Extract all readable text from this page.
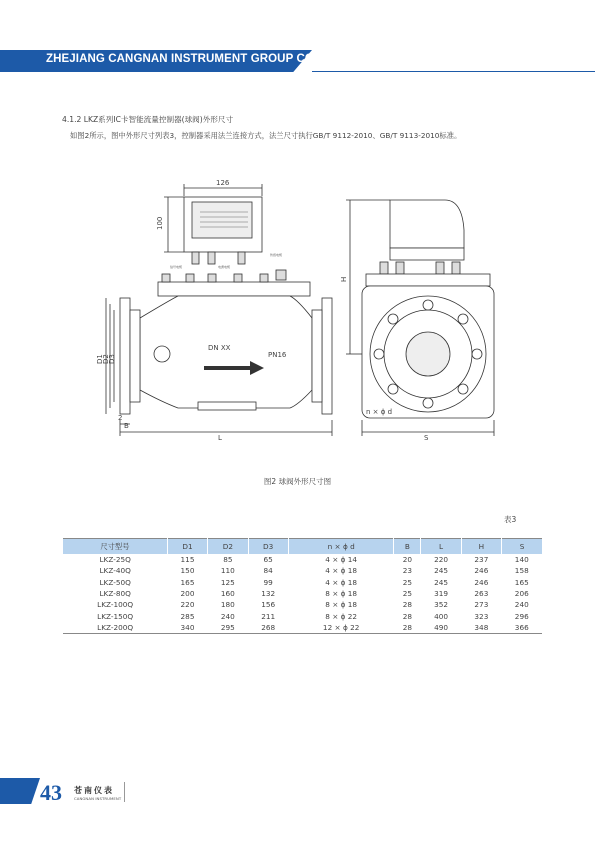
ZHEJIANG CANGNAN INSTRUMENT GROUP CO., LTD.
4.1.2 LKZ系列IC卡智能流量控制器(球阀)外形尺寸
如图2所示，图中外形尺寸列表3，控制器采用法兰连接方式，法兰尺寸执行GB/T 9112-2010、GB/T 9113-2010标准。
126
100
DN XX
PN16
D1
D2
D3
2
B
L
H
S
n × ϕ d
信号电缆	电源电缆
传感电缆
图2 球阀外形尺寸图
表3
尺寸型号	D1	D2	D3	n × ϕ d	B	L	H	S
LKZ-25Q	115	85	65	4 × ϕ 14	20	220	237	140
LKZ-40Q	150	110	84	4 × ϕ 18	23	245	246	158
LKZ-50Q	165	125	99	4 × ϕ 18	25	245	246	165
LKZ-80Q	200	160	132	8 × ϕ 18	25	319	263	206
LKZ-100Q	220	180	156	8 × ϕ 18	28	352	273	240
LKZ-150Q	285	240	211	8 × ϕ 22	28	400	323	296
LKZ-200Q	340	295	268	12 × ϕ 22	28	490	348	366
43 苍南仪表
CANGNAN INSTRUMENT
